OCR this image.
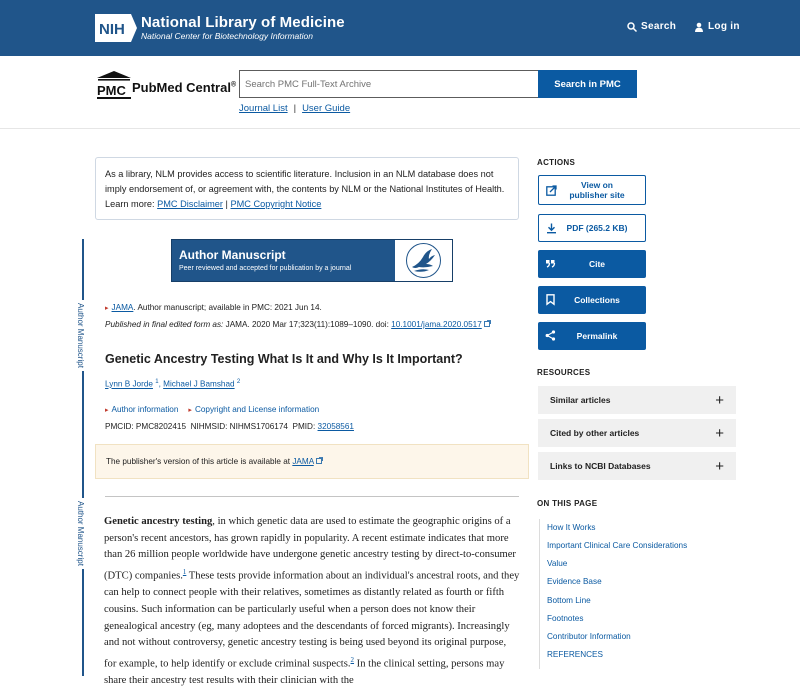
NIH National Library of Medicine
National Center for Biotechnology Information
Search	Log in
PMC PubMed Central®
Search PMC Full-Text Archive	Search in PMC
Journal List | User Guide
As a library, NLM provides access to scientific literature. Inclusion in an NLM database does not imply endorsement of, or agreement with, the contents by NLM or the National Institutes of Health. Learn more: PMC Disclaimer | PMC Copyright Notice
Author Manuscript
Author Manuscript
Author Manuscript
Peer reviewed and accepted for publication by a journal
▸ JAMA. Author manuscript; available in PMC: 2021 Jun 14.
Published in final edited form as: JAMA. 2020 Mar 17;323(11):1089–1090. doi: 10.1001/jama.2020.0517
Genetic Ancestry Testing What Is It and Why Is It Important?
Lynn B Jorde $^1$, Michael J Bamshad $^2$
▸ Author information ▸ Copyright and License information
PMCID: PMC8202415 NIHMSID: NIHMS1706174 PMID: 32058561
The publisher's version of this article is available at JAMA
Genetic ancestry testing, in which genetic data are used to estimate the geographic origins of a person's recent ancestors, has grown rapidly in popularity. A recent estimate indicates that more than 26 million people worldwide have undergone genetic ancestry testing by direct-to-consumer (DTC) companies.$^1$ These tests provide information about an individual's ancestral roots, and they can help to connect people with their relatives, sometimes as distantly related as fourth or fifth cousins. Such information can be particularly useful when a person does not know their genealogical ancestry (eg, many adoptees and the descendants of forced migrants). Increasingly and not without controversy, genetic ancestry testing is being used beyond its original purpose, for example, to help identify or exclude criminal suspects.$^2$ In the clinical setting, persons may share their ancestry test results with their clinician with the
ACTIONS
View on
publisher site
PDF (265.2 KB)
Cite
Collections
Permalink
RESOURCES
Similar articles	+
Cited by other articles	+
Links to NCBI Databases	+
ON THIS PAGE
How It Works
Important Clinical Care Considerations
Value
Evidence Base
Bottom Line
Footnotes
Contributor Information
REFERENCES
